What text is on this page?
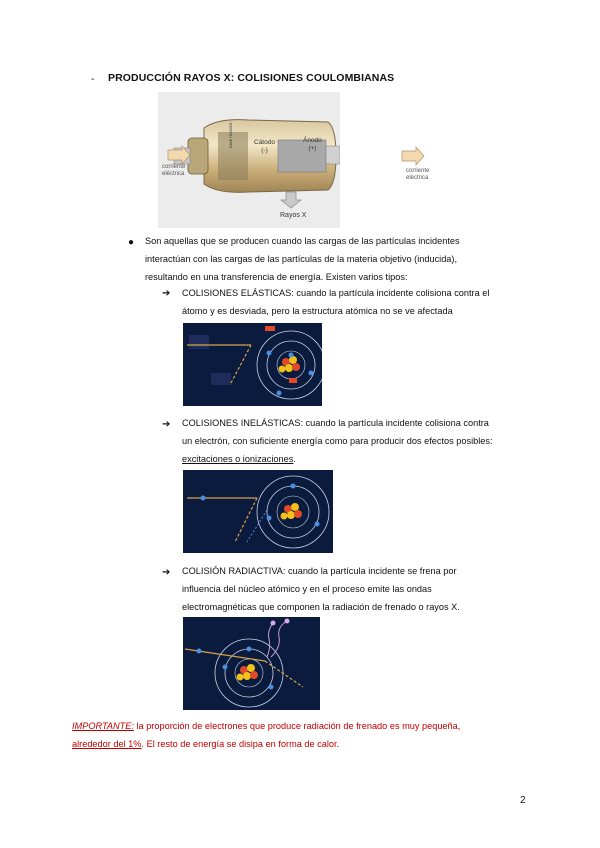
- PRODUCCIÓN RAYOS X: COLISIONES COULOMBIANAS
corriente
eléctrica
Cátodo
(-)
Ánodo
(+)
Rayos X
DAVE HOOKED
corriente
eléctrica
● Son aquellas que se producen cuando las cargas de las partículas incidentes
interactúan con las cargas de las partículas de la materia objetivo (inducida),
resultando en una transferencia de energía. Existen varios tipos:
➔ COLISIONES ELÁSTICAS: cuando la partícula incidente colisiona contra el
átomo y es desviada, pero la estructura atómica no se ve afectada
➔ COLISIONES INELÁSTICAS: cuando la partícula incidente colisiona contra
un electrón, con suficiente energía como para producir dos efectos posibles:
excitaciones o ionizaciones.
➔ COLISIÓN RADIACTIVA: cuando la partícula incidente se frena por
influencia del núcleo atómico y en el proceso emite las ondas
electromagnéticas que componen la radiación de frenado o rayos X.
IMPORTANTE: la proporción de electrones que produce radiación de frenado es muy pequeña,
alrededor del 1%. El resto de energía se disipa en forma de calor.
2
